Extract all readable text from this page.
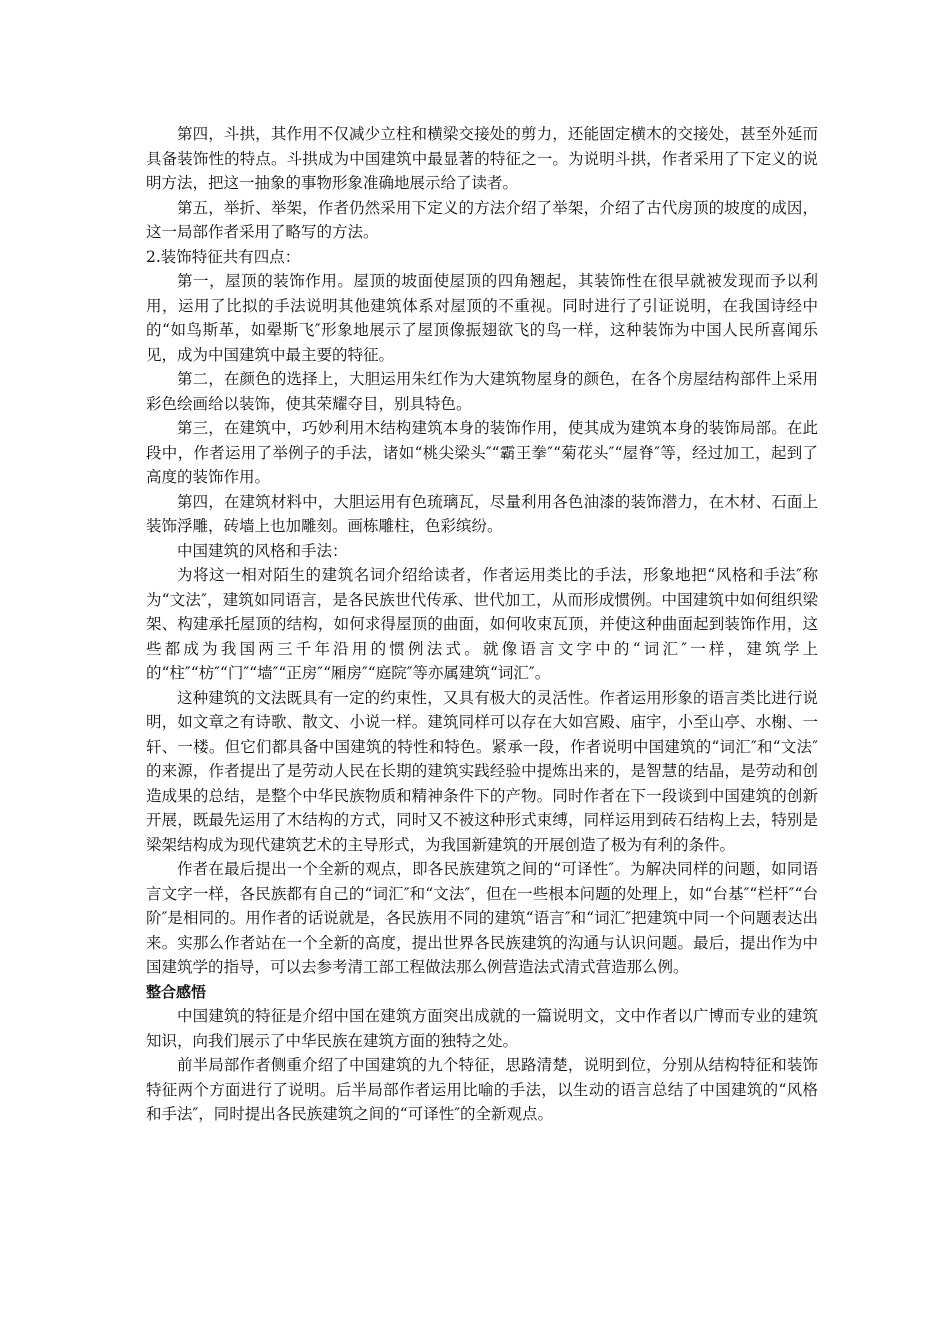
第四，斗拱，其作用不仅减少立柱和横梁交接处的剪力，还能固定横木的交接处，甚至外延而具备装饰性的特点。斗拱成为中国建筑中最显著的特征之一。为说明斗拱，作者采用了下定义的说明方法，把这一抽象的事物形象准确地展示给了读者。

第五，举折、举架，作者仍然采用下定义的方法介绍了举架，介绍了古代房顶的坡度的成因，这一局部作者采用了略写的方法。

2.装饰特征共有四点：

第一，屋顶的装饰作用。屋顶的坡面使屋顶的四角翘起，其装饰性在很早就被发现而予以利用，运用了比拟的手法说明其他建筑体系对屋顶的不重视。同时进行了引证说明，在我国诗经中的“如鸟斯革，如翚斯飞″形象地展示了屋顶像振翅欲飞的鸟一样，这种装饰为中国人民所喜闻乐见，成为中国建筑中最主要的特征。

第二，在颜色的选择上，大胆运用朱红作为大建筑物屋身的颜色，在各个房屋结构部件上采用彩色绘画给以装饰，使其荣耀夺目，别具特色。

第三，在建筑中，巧妙利用木结构建筑本身的装饰作用，使其成为建筑本身的装饰局部。在此段中，作者运用了举例子的手法，诸如“桃尖梁头″“霸王拳″“菊花头″“屋脊″等，经过加工，起到了高度的装饰作用。

第四，在建筑材料中，大胆运用有色琉璃瓦，尽量利用各色油漆的装饰潜力，在木材、石面上装饰浮雕，砖墙上也加雕刻。画栋雕柱，色彩缤纷。

中国建筑的风格和手法：

为将这一相对陌生的建筑名词介绍给读者，作者运用类比的手法，形象地把“风格和手法″称为“文法″，建筑如同语言，是各民族世代传承、世代加工，从而形成惯例。中国建筑中如何组织梁架、构建承托屋顶的结构，如何求得屋顶的曲面，如何收束瓦顶，并使这种曲面起到装饰作用，这些都成为我国两三千年沿用的惯例法式。就像语言文字中的“词汇″一样，建筑学上的“柱″“枋″“门″“墙″“正房″“厢房″“庭院″等亦属建筑“词汇″。

这种建筑的文法既具有一定的约束性，又具有极大的灵活性。作者运用形象的语言类比进行说明，如文章之有诗歌、散文、小说一样。建筑同样可以存在大如宫殿、庙宇，小至山亭、水榭、一轩、一楼。但它们都具备中国建筑的特性和特色。紧承一段，作者说明中国建筑的“词汇″和“文法″的来源，作者提出了是劳动人民在长期的建筑实践经验中提炼出来的，是智慧的结晶，是劳动和创造成果的总结，是整个中华民族物质和精神条件下的产物。同时作者在下一段谈到中国建筑的创新开展，既最先运用了木结构的方式，同时又不被这种形式束缚，同样运用到砖石结构上去，特别是梁架结构成为现代建筑艺术的主导形式，为我国新建筑的开展创造了极为有利的条件。

作者在最后提出一个全新的观点，即各民族建筑之间的“可译性″。为解决同样的问题，如同语言文字一样，各民族都有自己的“词汇″和“文法″，但在一些根本问题的处理上，如“台基″“栏杆″“台阶″是相同的。用作者的话说就是，各民族用不同的建筑“语言″和“词汇″把建筑中同一个问题表达出来。实那么作者站在一个全新的高度，提出世界各民族建筑的沟通与认识问题。最后，提出作为中国建筑学的指导，可以去参考清工部工程做法那么例营造法式清式营造那么例。

整合感悟

中国建筑的特征是介绍中国在建筑方面突出成就的一篇说明文，文中作者以广博而专业的建筑知识，向我们展示了中华民族在建筑方面的独特之处。

前半局部作者侧重介绍了中国建筑的九个特征，思路清楚，说明到位，分别从结构特征和装饰特征两个方面进行了说明。后半局部作者运用比喻的手法，以生动的语言总结了中国建筑的“风格和手法″，同时提出各民族建筑之间的“可译性″的全新观点。
